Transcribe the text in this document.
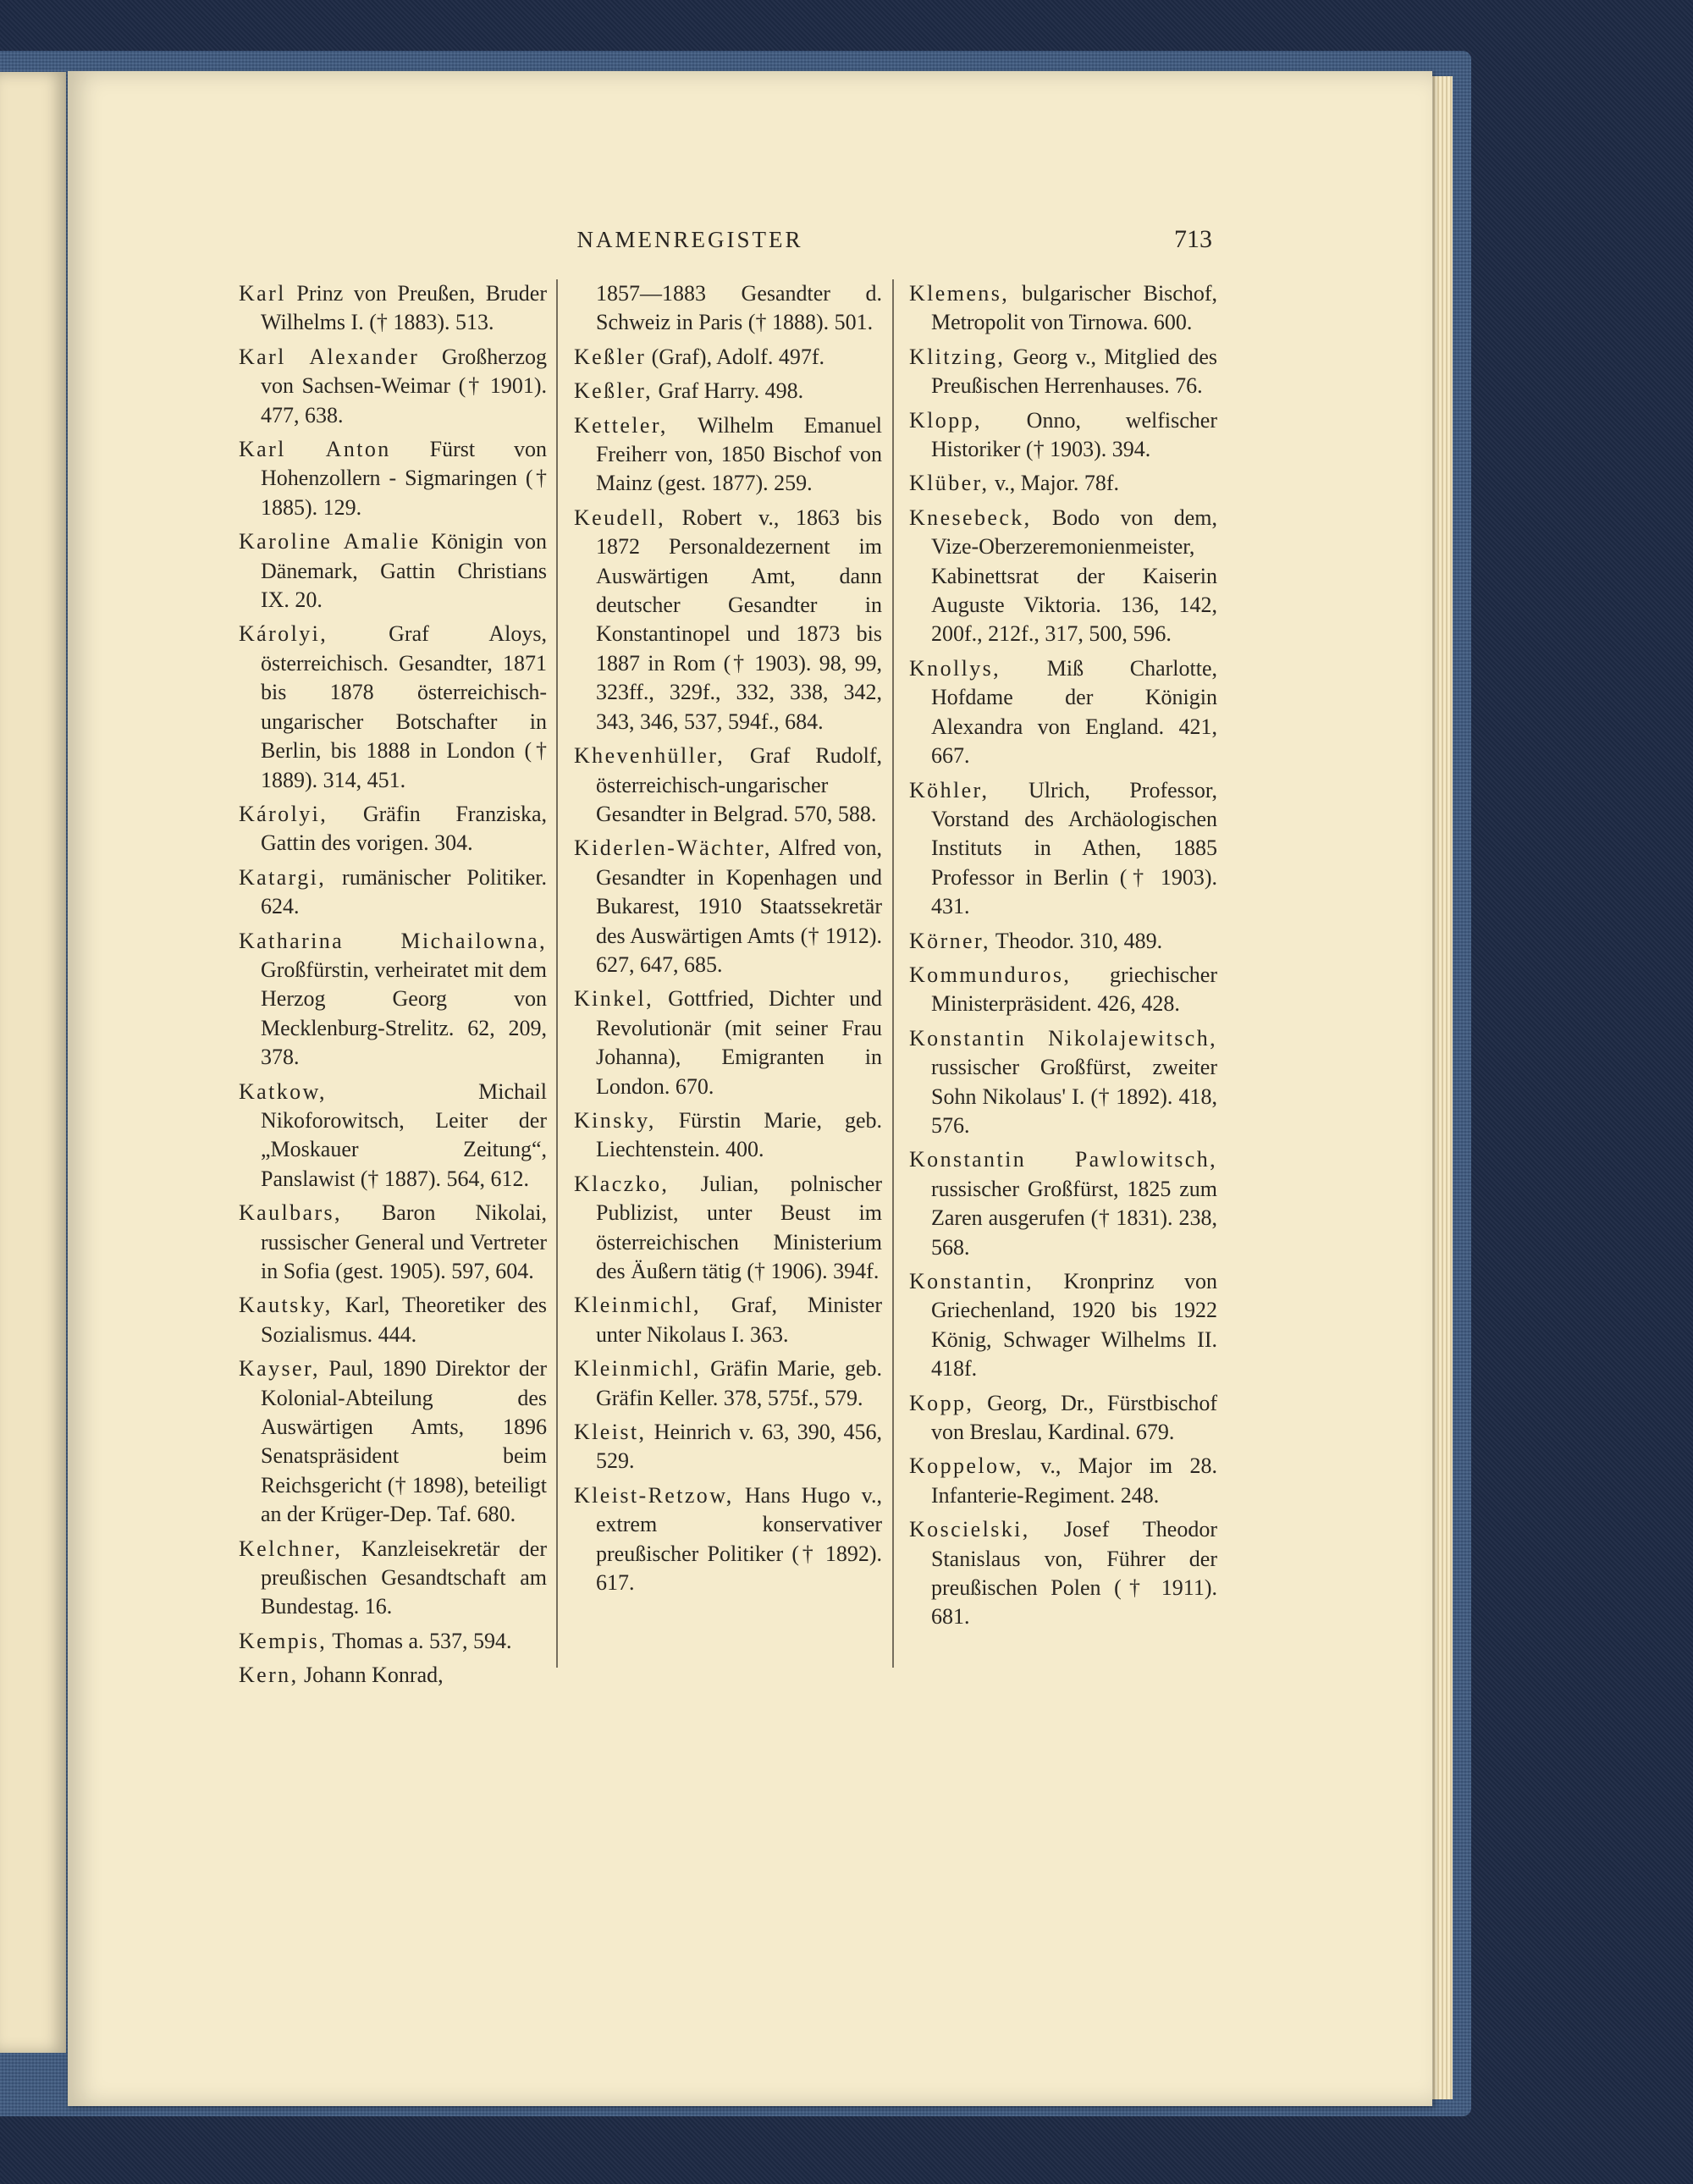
NAMENREGISTER	713
Karl Prinz von Preußen, Bruder Wilhelms I. († 1883). 513.
Karl Alexander Großherzog von Sachsen-Weimar († 1901). 477, 638.
Karl Anton Fürst von Hohenzollern - Sigmaringen († 1885). 129.
Karoline Amalie Königin von Dänemark, Gattin Christians IX. 20.
Károlyi, Graf Aloys, österreichisch. Gesandter, 1871 bis 1878 österreichisch-ungarischer Botschafter in Berlin, bis 1888 in London († 1889). 314, 451.
Károlyi, Gräfin Franziska, Gattin des vorigen. 304.
Katargi, rumänischer Politiker. 624.
Katharina Michailowna, Großfürstin, verheiratet mit dem Herzog Georg von Mecklenburg-Strelitz. 62, 209, 378.
Katkow, Michail Nikoforowitsch, Leiter der „Moskauer Zeitung“, Panslawist († 1887). 564, 612.
Kaulbars, Baron Nikolai, russischer General und Vertreter in Sofia (gest. 1905). 597, 604.
Kautsky, Karl, Theoretiker des Sozialismus. 444.
Kayser, Paul, 1890 Direktor der Kolonial-Abteilung des Auswärtigen Amts, 1896 Senatspräsident beim Reichsgericht († 1898), beteiligt an der Krüger-Dep. Taf. 680.
Kelchner, Kanzleisekretär der preußischen Gesandtschaft am Bundestag. 16.
Kempis, Thomas a. 537, 594.
Kern, Johann Konrad,
1857—1883 Gesandter d. Schweiz in Paris († 1888). 501.
Keßler (Graf), Adolf. 497f.
Keßler, Graf Harry. 498.
Ketteler, Wilhelm Emanuel Freiherr von, 1850 Bischof von Mainz (gest. 1877). 259.
Keudell, Robert v., 1863 bis 1872 Personaldezernent im Auswärtigen Amt, dann deutscher Gesandter in Konstantinopel und 1873 bis 1887 in Rom († 1903). 98, 99, 323ff., 329f., 332, 338, 342, 343, 346, 537, 594f., 684.
Khevenhüller, Graf Rudolf, österreichisch-ungarischer Gesandter in Belgrad. 570, 588.
Kiderlen-Wächter, Alfred von, Gesandter in Kopenhagen und Bukarest, 1910 Staatssekretär des Auswärtigen Amts († 1912). 627, 647, 685.
Kinkel, Gottfried, Dichter und Revolutionär (mit seiner Frau Johanna), Emigranten in London. 670.
Kinsky, Fürstin Marie, geb. Liechtenstein. 400.
Klaczko, Julian, polnischer Publizist, unter Beust im österreichischen Ministerium des Äußern tätig († 1906). 394f.
Kleinmichl, Graf, Minister unter Nikolaus I. 363.
Kleinmichl, Gräfin Marie, geb. Gräfin Keller. 378, 575f., 579.
Kleist, Heinrich v. 63, 390, 456, 529.
Kleist-Retzow, Hans Hugo v., extrem konservativer preußischer Politiker († 1892). 617.
Klemens, bulgarischer Bischof, Metropolit von Tirnowa. 600.
Klitzing, Georg v., Mitglied des Preußischen Herrenhauses. 76.
Klopp, Onno, welfischer Historiker († 1903). 394.
Klüber, v., Major. 78f.
Knesebeck, Bodo von dem, Vize-Oberzeremonienmeister, Kabinettsrat der Kaiserin Auguste Viktoria. 136, 142, 200f., 212f., 317, 500, 596.
Knollys, Miß Charlotte, Hofdame der Königin Alexandra von England. 421, 667.
Köhler, Ulrich, Professor, Vorstand des Archäologischen Instituts in Athen, 1885 Professor in Berlin († 1903). 431.
Körner, Theodor. 310, 489.
Kommunduros, griechischer Ministerpräsident. 426, 428.
Konstantin Nikolajewitsch, russischer Großfürst, zweiter Sohn Nikolaus' I. († 1892). 418, 576.
Konstantin Pawlowitsch, russischer Großfürst, 1825 zum Zaren ausgerufen († 1831). 238, 568.
Konstantin, Kronprinz von Griechenland, 1920 bis 1922 König, Schwager Wilhelms II. 418f.
Kopp, Georg, Dr., Fürstbischof von Breslau, Kardinal. 679.
Koppelow, v., Major im 28. Infanterie-Regiment. 248.
Koscielski, Josef Theodor Stanislaus von, Führer der preußischen Polen († 1911). 681.
